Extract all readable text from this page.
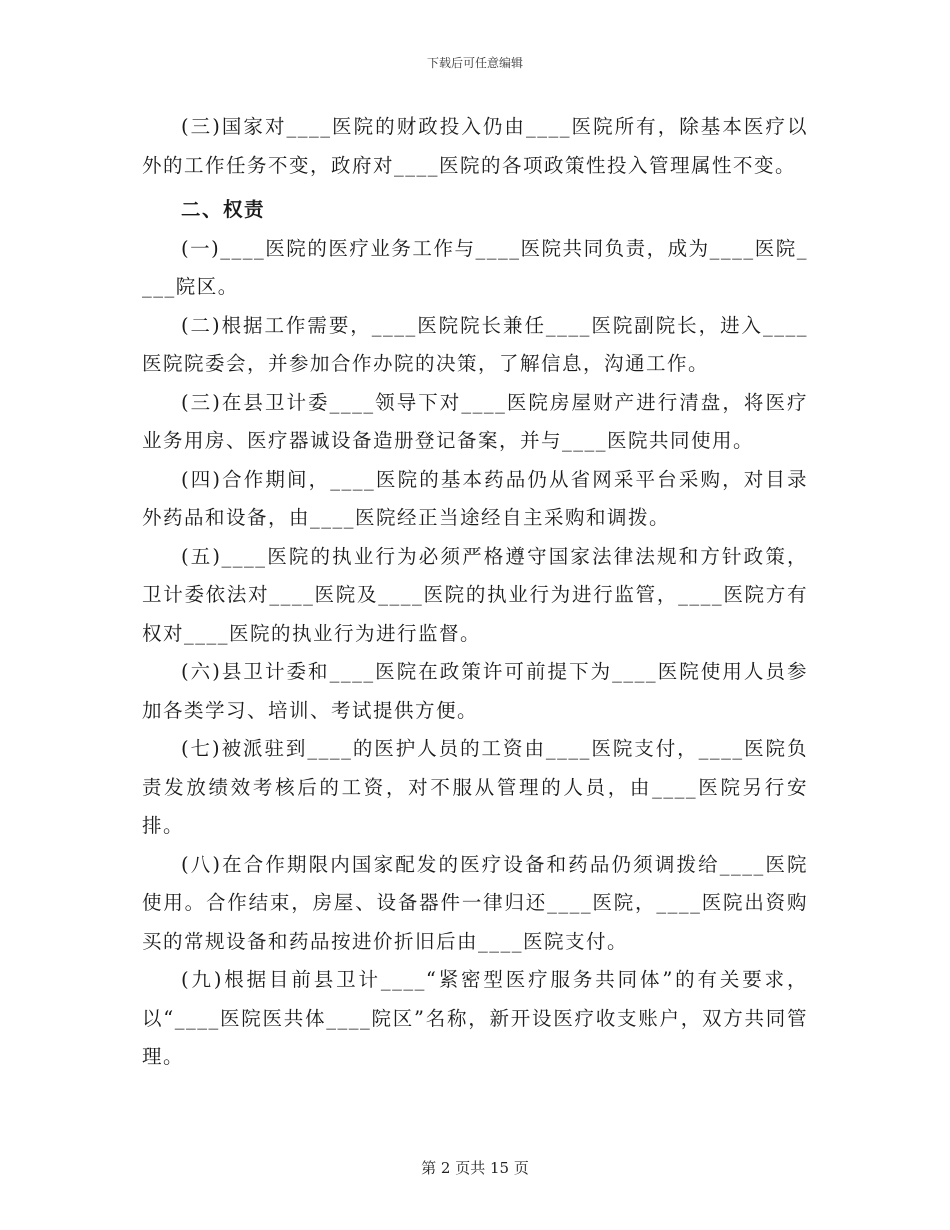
下载后可任意编辑

(三)国家对____医院的财政投入仍由____医院所有，除基本医疗以外的工作任务不变，政府对____医院的各项政策性投入管理属性不变。

二、权责

(一)____医院的医疗业务工作与____医院共同负责，成为____医院____院区。

(二)根据工作需要，____医院院长兼任____医院副院长，进入____医院院委会，并参加合作办院的决策，了解信息，沟通工作。

(三)在县卫计委____领导下对____医院房屋财产进行清盘，将医疗业务用房、医疗器诚设备造册登记备案，并与____医院共同使用。

(四)合作期间，____医院的基本药品仍从省网采平台采购，对目录外药品和设备，由____医院经正当途经自主采购和调拨。

(五)____医院的执业行为必须严格遵守国家法律法规和方针政策，卫计委依法对____医院及____医院的执业行为进行监管，____医院方有权对____医院的执业行为进行监督。

(六)县卫计委和____医院在政策许可前提下为____医院使用人员参加各类学习、培训、考试提供方便。

(七)被派驻到____的医护人员的工资由____医院支付，____医院负责发放绩效考核后的工资，对不服从管理的人员，由____医院另行安排。

(八)在合作期限内国家配发的医疗设备和药品仍须调拨给____医院使用。合作结束，房屋、设备器件一律归还____医院，____医院出资购买的常规设备和药品按进价折旧后由____医院支付。

(九)根据目前县卫计____“紧密型医疗服务共同体”的有关要求，以“____医院医共体____院区”名称，新开设医疗收支账户，双方共同管理。

第 2 页共 15 页
